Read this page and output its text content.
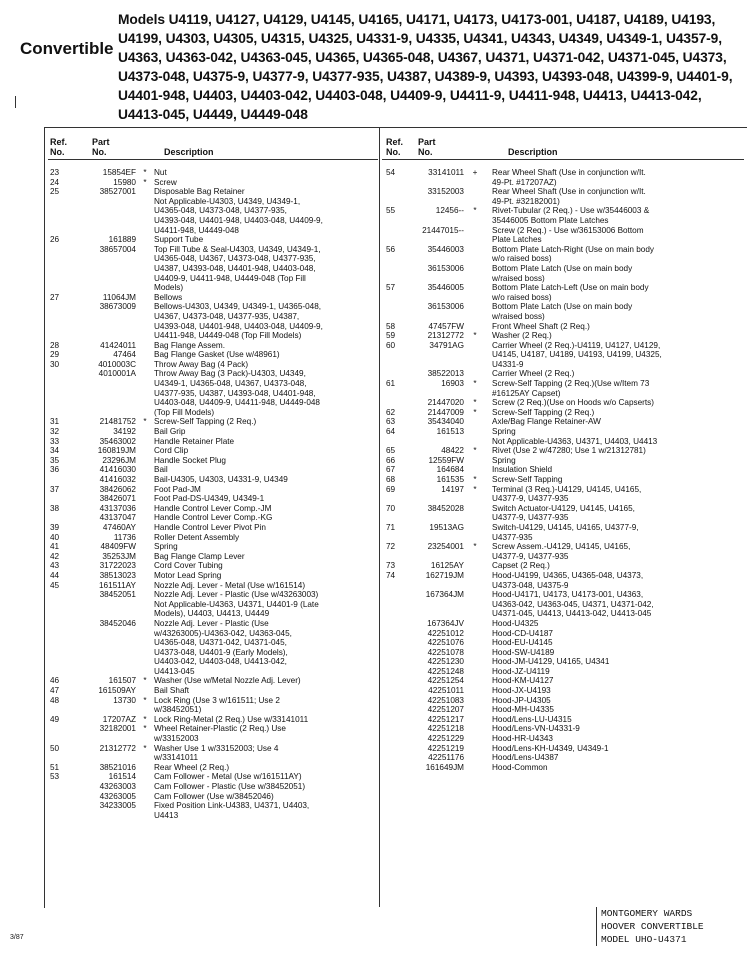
Convertible
Models U4119, U4127, U4129, U4145, U4165, U4171, U4173, U4173-001, U4187, U4189, U4193, U4199, U4303, U4305, U4315, U4325, U4331-9, U4335, U4341, U4343, U4349, U4349-1, U4357-9, U4363, U4363-042, U4363-045, U4365, U4365-048, U4367, U4371, U4371-042, U4371-045, U4373, U4373-048, U4375-9, U4377-9, U4377-935, U4387, U4389-9, U4393, U4393-048, U4399-9, U4401-9, U4401-948, U4403, U4403-042, U4403-048, U4409-9, U4411-9, U4411-948, U4413, U4413-042, U4413-045, U4449, U4449-048
Ref.
No.
Part
No.	Description
23	15854EF * Nut
24	15980 * Screw
25	38527001 Disposable Bag Retainer
Not Applicable-U4303, U4349, U4349-1,
U4365-048, U4373-048, U4377-935,
U4393-048, U4401-948, U4403-048, U4409-9,
U4411-948, U4449-048
26	161889 Support Tube
38657004 Top Fill Tube & Seal-U4303, U4349, U4349-1,
U4365-048, U4367, U4373-048, U4377-935,
U4387, U4393-048, U4401-948, U4403-048,
U4409-9, U4411-948, U4449-048 (Top Fill
Models)
27	11064JM Bellows
38673009 Bellows-U4303, U4349, U4349-1, U4365-048,
U4367, U4373-048, U4377-935, U4387,
U4393-048, U4401-948, U4403-048, U4409-9,
U4411-948, U4449-048 (Top Fill Models)
28	41424011 Bag Flange Assem.
29	47464 Bag Flange Gasket (Use w/48961)
30	4010003C Throw Away Bag (4 Pack)
4010001A Throw Away Bag (3 Pack)-U4303, U4349,
U4349-1, U4365-048, U4367, U4373-048,
U4377-935, U4387, U4393-048, U4401-948,
U4403-048, U4409-9, U4411-948, U4449-048
(Top Fill Models)
31	21481752 * Screw-Self Tapping (2 Req.)
32	34192 Bail Grip
33	35463002 Handle Retainer Plate
34	160819JM Cord Clip
35	23296JM Handle Socket Plug
36	41416030 Bail
41416032 Bail-U4305, U4303, U4331-9, U4349
37	38426062 Foot Pad-JM
38426071 Foot Pad-DS-U4349, U4349-1
38	43137036 Handle Control Lever Comp.-JM
43137047 Handle Control Lever Comp.-KG
39	47460AY Handle Control Lever Pivot Pin
40	11736 Roller Detent Assembly
41	48409FW Spring
42	35253JM Bag Flange Clamp Lever
43	31722023 Cord Cover Tubing
44	38513023 Motor Lead Spring
45	161511AY Nozzle Adj. Lever - Metal (Use w/161514)
38452051 Nozzle Adj. Lever - Plastic (Use w/43263003)
Not Applicable-U4363, U4371, U4401-9 (Late
Models), U4403, U4413, U4449
38452046 Nozzle Adj. Lever - Plastic (Use
w/43263005)-U4363-042, U4363-045,
U4365-048, U4371-042, U4371-045,
U4373-048, U4401-9 (Early Models),
U4403-042, U4403-048, U4413-042,
U4413-045
46	161507 * Washer (Use w/Metal Nozzle Adj. Lever)
47	161509AY Bail Shaft
48	13730 * Lock Ring (Use 3 w/161511; Use 2
w/38452051)
49	17207AZ * Lock Ring-Metal (2 Req.) Use w/33141011
32182001 * Wheel Retainer-Plastic (2 Req.) Use
w/33152003
50	21312772 * Washer Use 1 w/33152003; Use 4
w/33141011
51	38521016 Rear Wheel (2 Req.)
53	161514 Cam Follower - Metal (Use w/161511AY)
43263003 Cam Follower - Plastic (Use w/38452051)
43263005 Cam Follower (Use w/38452046)
34233005 Fixed Position Link-U4383, U4371, U4403,
U4413
Ref.
No.
Part
No.	Description
54	33141011	+	Rear Wheel Shaft (Use in conjunction w/It.
49-Pt. #17207AZ)
33152003	Rear Wheel Shaft (Use in conjunction w/It.
49-Pt. #32182001)
55	12456--	*	Rivet-Tubular (2 Req.) - Use w/35446003 &
35446005 Bottom Plate Latches
21447015--	Screw (2 Req.) - Use w/36153006 Bottom
Plate Latches
56	35446003	Bottom Plate Latch-Right (Use on main body
w/o raised boss)
36153006	Bottom Plate Latch (Use on main body
w/raised boss)
57	35446005	Bottom Plate Latch-Left (Use on main body
w/o raised boss)
36153006	Bottom Plate Latch (Use on main body
w/raised boss)
58	47457FW	Front Wheel Shaft (2 Req.)
59	21312772	*	Washer (2 Req.)
60	34791AG	Carrier Wheel (2 Req.)-U4119, U4127, U4129,
U4145, U4187, U4189, U4193, U4199, U4325,
U4331-9
38522013	Carrier Wheel (2 Req.)
61	16903	*	Screw-Self Tapping (2 Req.)(Use w/Item 73
#16125AY Capset)
21447020	*	Screw (2 Req.)(Use on Hoods w/o Capserts)
62	21447009	*	Screw-Self Tapping (2 Req.)
63	35434040	Axle/Bag Flange Retainer-AW
64	161513	Spring
Not Applicable-U4363, U4371, U4403, U4413
65	48422	*	Rivet (Use 2 w/47280; Use 1 w/21312781)
66	12559FW	Spring
67	164684	Insulation Shield
68	161535	*	Screw-Self Tapping
69	14197	*	Terminal (3 Req.)-U4129, U4145, U4165,
U4377-9, U4377-935
70	38452028	Switch Actuator-U4129, U4145, U4165,
U4377-9, U4377-935
71	19513AG	Switch-U4129, U4145, U4165, U4377-9,
U4377-935
72	23254001	*	Screw Assem.-U4129, U4145, U4165,
U4377-9, U4377-935
73	16125AY	Capset (2 Req.)
74	162719JM	Hood-U4199, U4365, U4365-048, U4373,
U4373-048, U4375-9
167364JM	Hood-U4171, U4173, U4173-001, U4363,
U4363-042, U4363-045, U4371, U4371-042,
U4371-045, U4413, U4413-042, U4413-045
167364JV	Hood-U4325
42251012	Hood-CD-U4187
42251076	Hood-EU-U4145
42251078	Hood-SW-U4189
42251230	Hood-JM-U4129, U4165, U4341
42251248	Hood-JZ-U4119
42251254	Hood-KM-U4127
42251011	Hood-JX-U4193
42251083	Hood-JP-U4305
42251207	Hood-MH-U4335
42251217	Hood/Lens-LU-U4315
42251218	Hood/Lens-VN-U4331-9
42251229	Hood-HR-U4343
42251219	Hood/Lens-KH-U4349, U4349-1
42251176	Hood/Lens-U4387
161649JM	Hood-Common
MONTGOMERY WARDS
HOOVER CONVERTIBLE
MODEL UHO-U4371
3/87
